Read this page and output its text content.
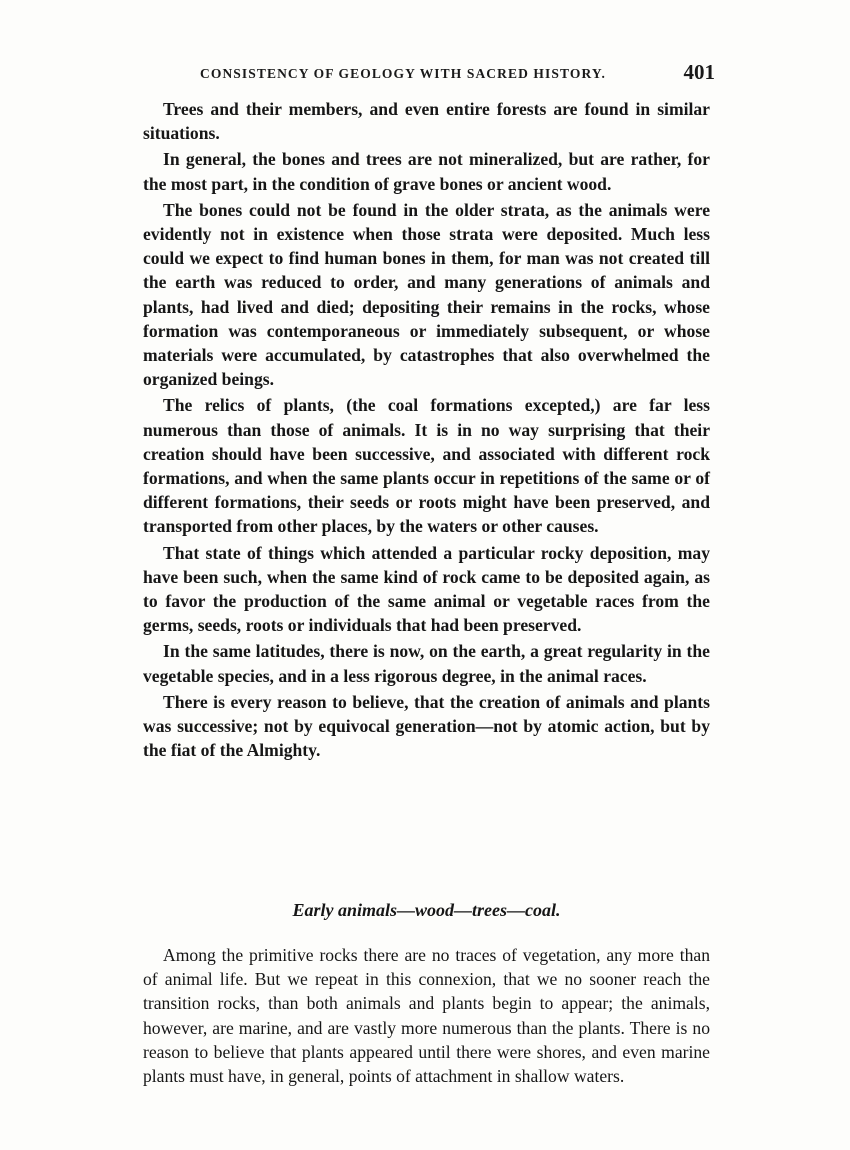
CONSISTENCY OF GEOLOGY WITH SACRED HISTORY.	401

Trees and their members, and even entire forests are found in similar situations.

In general, the bones and trees are not mineralized, but are rather, for the most part, in the condition of grave bones or ancient wood.

The bones could not be found in the older strata, as the animals were evidently not in existence when those strata were deposited. Much less could we expect to find human bones in them, for man was not created till the earth was reduced to order, and many generations of animals and plants, had lived and died; depositing their remains in the rocks, whose formation was contemporaneous or immediately subsequent, or whose materials were accumulated, by catastrophes that also overwhelmed the organized beings.

The relics of plants, (the coal formations excepted,) are far less numerous than those of animals. It is in no way surprising that their creation should have been successive, and associated with different rock formations, and when the same plants occur in repetitions of the same or of different formations, their seeds or roots might have been preserved, and transported from other places, by the waters or other causes.

That state of things which attended a particular rocky deposition, may have been such, when the same kind of rock came to be deposited again, as to favor the production of the same animal or vegetable races from the germs, seeds, roots or individuals that had been preserved.

In the same latitudes, there is now, on the earth, a great regularity in the vegetable species, and in a less rigorous degree, in the animal races.

There is every reason to believe, that the creation of animals and plants was successive; not by equivocal generation—not by atomic action, but by the fiat of the Almighty.

Early animals—wood—trees—coal.

Among the primitive rocks there are no traces of vegetation, any more than of animal life. But we repeat in this connexion, that we no sooner reach the transition rocks, than both animals and plants begin to appear; the animals, however, are marine, and are vastly more numerous than the plants. There is no reason to believe that plants appeared until there were shores, and even marine plants must have, in general, points of attachment in shallow waters.
